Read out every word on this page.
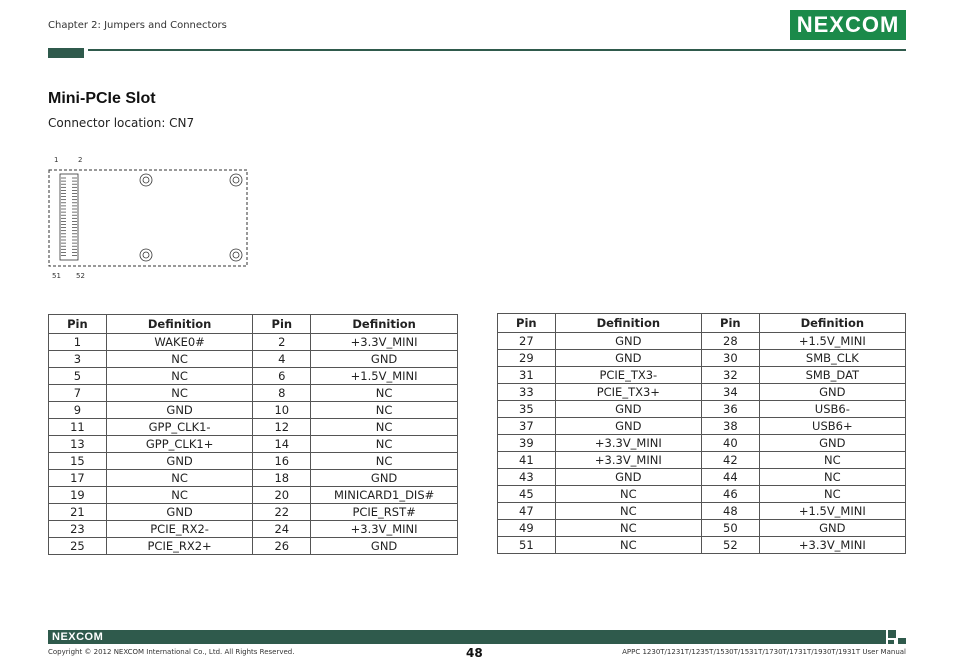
Chapter 2: Jumpers and Connectors	NEXCOM
Mini-PCIe Slot
Connector location: CN7
1	2
51 52
Pin	Definition	Pin	Definition
1	WAKE0#	2	+3.3V_MINI
3	NC	4	GND
5	NC	6	+1.5V_MINI
7	NC	8	NC
9	GND	10	NC
11	GPP_CLK1-	12	NC
13	GPP_CLK1+	14	NC
15	GND	16	NC
17	NC	18	GND
19	NC	20	MINICARD1_DIS#
21	GND	22	PCIE_RST#
23	PCIE_RX2-	24	+3.3V_MINI
25	PCIE_RX2+	26	GND
Pin	Definition	Pin	Definition
27	GND	28	+1.5V_MINI
29	GND	30	SMB_CLK
31	PCIE_TX3-	32	SMB_DAT
33	PCIE_TX3+	34	GND
35	GND	36	USB6-
37	GND	38	USB6+
39	+3.3V_MINI	40	GND
41	+3.3V_MINI	42	NC
43	GND	44	NC
45	NC	46	NC
47	NC	48	+1.5V_MINI
49	NC	50	GND
51	NC	52	+3.3V_MINI
NEXCOM
Copyright © 2012 NEXCOM International Co., Ltd. All Rights Reserved.	48	APPC 1230T/1231T/1235T/1530T/1531T/1730T/1731T/1930T/1931T User Manual
